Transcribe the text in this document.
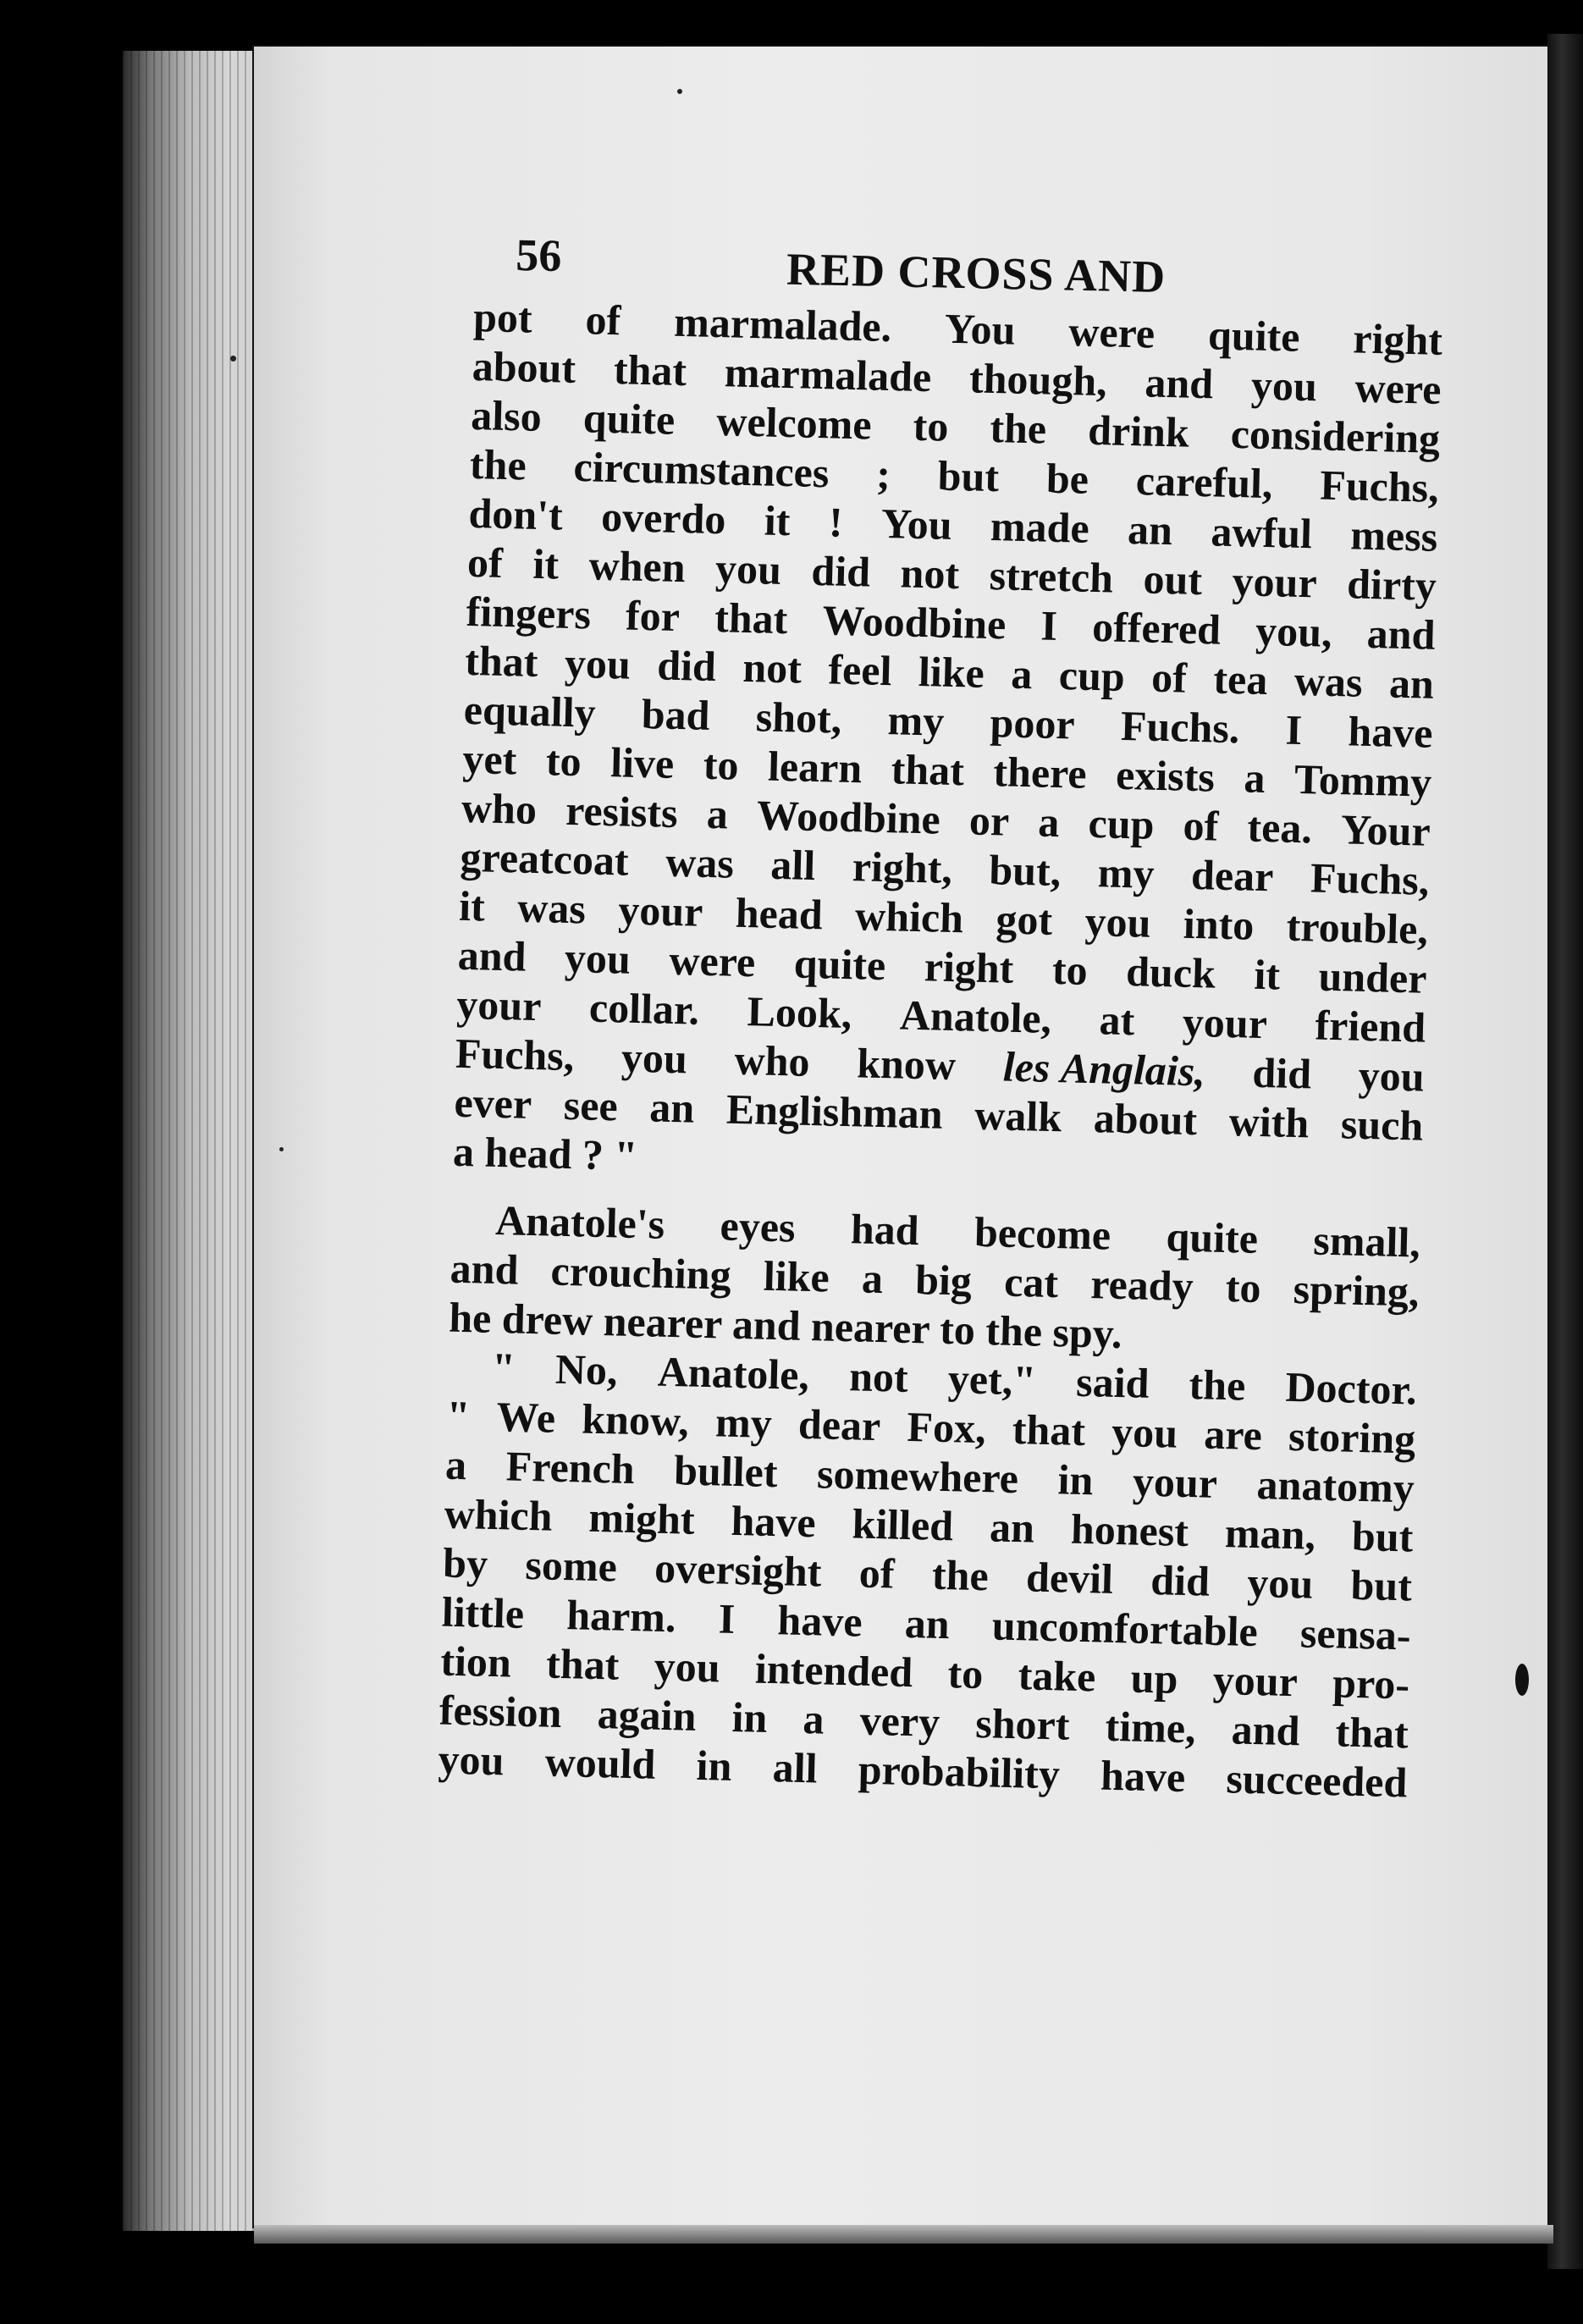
56	RED CROSS AND
pot of marmalade. You were quite right
about that marmalade though, and you were
also quite welcome to the drink considering
the circumstances ; but be careful, Fuchs,
don't overdo it ! You made an awful mess
of it when you did not stretch out your dirty
fingers for that Woodbine I offered you, and
that you did not feel like a cup of tea was an
equally bad shot, my poor Fuchs. I have
yet to live to learn that there exists a Tommy
who resists a Woodbine or a cup of tea. Your
greatcoat was all right, but, my dear Fuchs,
it was your head which got you into trouble,
and you were quite right to duck it under
your collar. Look, Anatole, at your friend
Fuchs, you who know les Anglais, did you
ever see an Englishman walk about with such
a head ? "
Anatole's eyes had become quite small,
and crouching like a big cat ready to spring,
he drew nearer and nearer to the spy.
" No, Anatole, not yet," said the Doctor.
" We know, my dear Fox, that you are storing
a French bullet somewhere in your anatomy
which might have killed an honest man, but
by some oversight of the devil did you but
little harm. I have an uncomfortable sensa-
tion that you intended to take up your pro-
fession again in a very short time, and that
you would in all probability have succeeded
